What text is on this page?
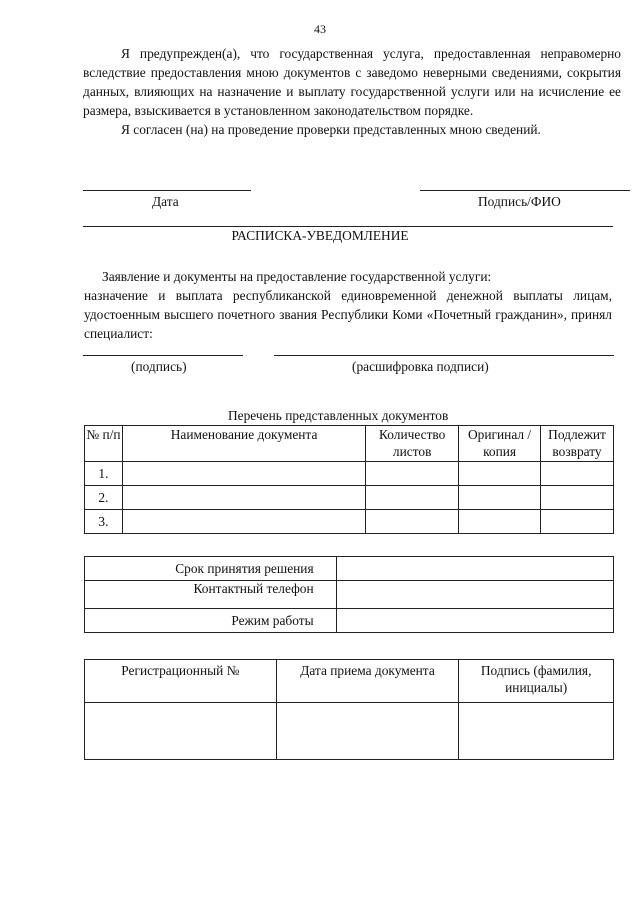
43

Я предупрежден(а), что государственная услуга, предоставленная неправомерно вследствие предоставления мною документов с заведомо неверными сведениями, сокрытия данных, влияющих на назначение и выплату государственной услуги или на исчисление ее размера, взыскивается в установленном законодательством порядке.

Я согласен (на) на проведение проверки представленных мною сведений.

Дата	Подпись/ФИО
РАСПИСКА-УВЕДОМЛЕНИЕ

Заявление и документы на предоставление государственной услуги:

назначение и выплата республиканской единовременной денежной выплаты лицам, удостоенным высшего почетного звания Республики Коми «Почетный гражданин», принял специалист:

(подпись)	(расшифровка подписи)
Перечень представленных документов
№ п/п	Наименование документа	Количество листов	Оригинал /копия	Подлежит возврату
1.				
2.				
3.				
Срок принятия решения	
Контактный телефон	
Режим работы	
Регистрационный №	Дата приема документа	Подпись (фамилия, инициалы)
